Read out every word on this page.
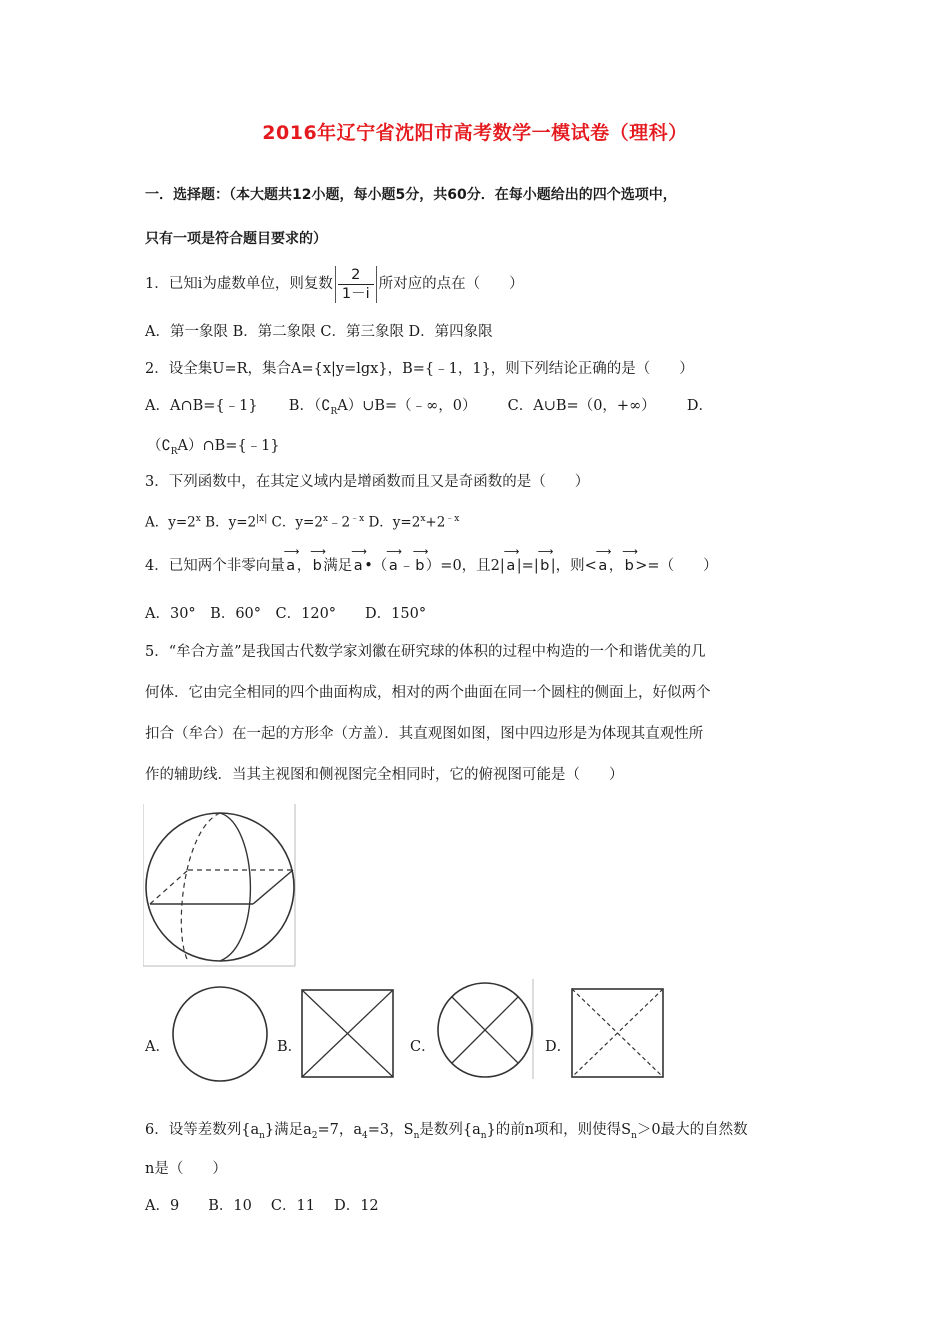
2016年辽宁省沈阳市高考数学一模试卷（理科）
一．选择题：（本大题共12小题，每小题5分，共60分．在每小题给出的四个选项中，
只有一项是符合题目要求的）
1．已知i为虚数单位，则复数 $\frac{2}{1-i}$ 所对应的点在（　　）
A．第一象限 B．第二象限 C．第三象限 D．第四象限
2．设全集U=R，集合A={x|y=lgx}，B={﹣1，1}，则下列结论正确的是（　　）
A．A∩B={﹣1} B．$(∁_RA)\cup B=(﹣\infty$，0） C．A∪B=（0，+∞） D．
$(∁_RA)\cap B=\{﹣1\}$
3．下列函数中，在其定义域内是增函数而且又是奇函数的是（　　）
A．$y=2^x$ B．$y=2^{|x|}$ C．$y=2^x﹣2^{﹣x}$ D．$y=2^x+2^{﹣x}$
4．已知两个非零向量
⟶
a ，
⟶
b满足
⟶
a •（
⟶
a ﹣
⟶
b）=0，且2|
⟶
a |=|
⟶
b|，则<
⟶
a ，
⟶
b>=（　　）
A．30°　B．60°　C．120°　　D．150°
5．“牟合方盖”是我国古代数学家刘徽在研究球的体积的过程中构造的一个和谐优美的几
何体．它由完全相同的四个曲面构成，相对的两个曲面在同一个圆柱的侧面上，好似两个
扣合（牟合）在一起的方形伞（方盖）．其直观图如图，图中四边形是为体现其直观性所
作的辅助线．当其主视图和侧视图完全相同时，它的俯视图可能是（　　）
A．	B．	C．	D．
6．设等差数列$\{a_n\}$满足$a_2=7$，$a_4=3$，$S_n$是数列$\{a_n\}$的前n项和，则使得$S_n>0$最大的自然数
n是（　　）
A．9　　B．10　 C．11　 D．12
